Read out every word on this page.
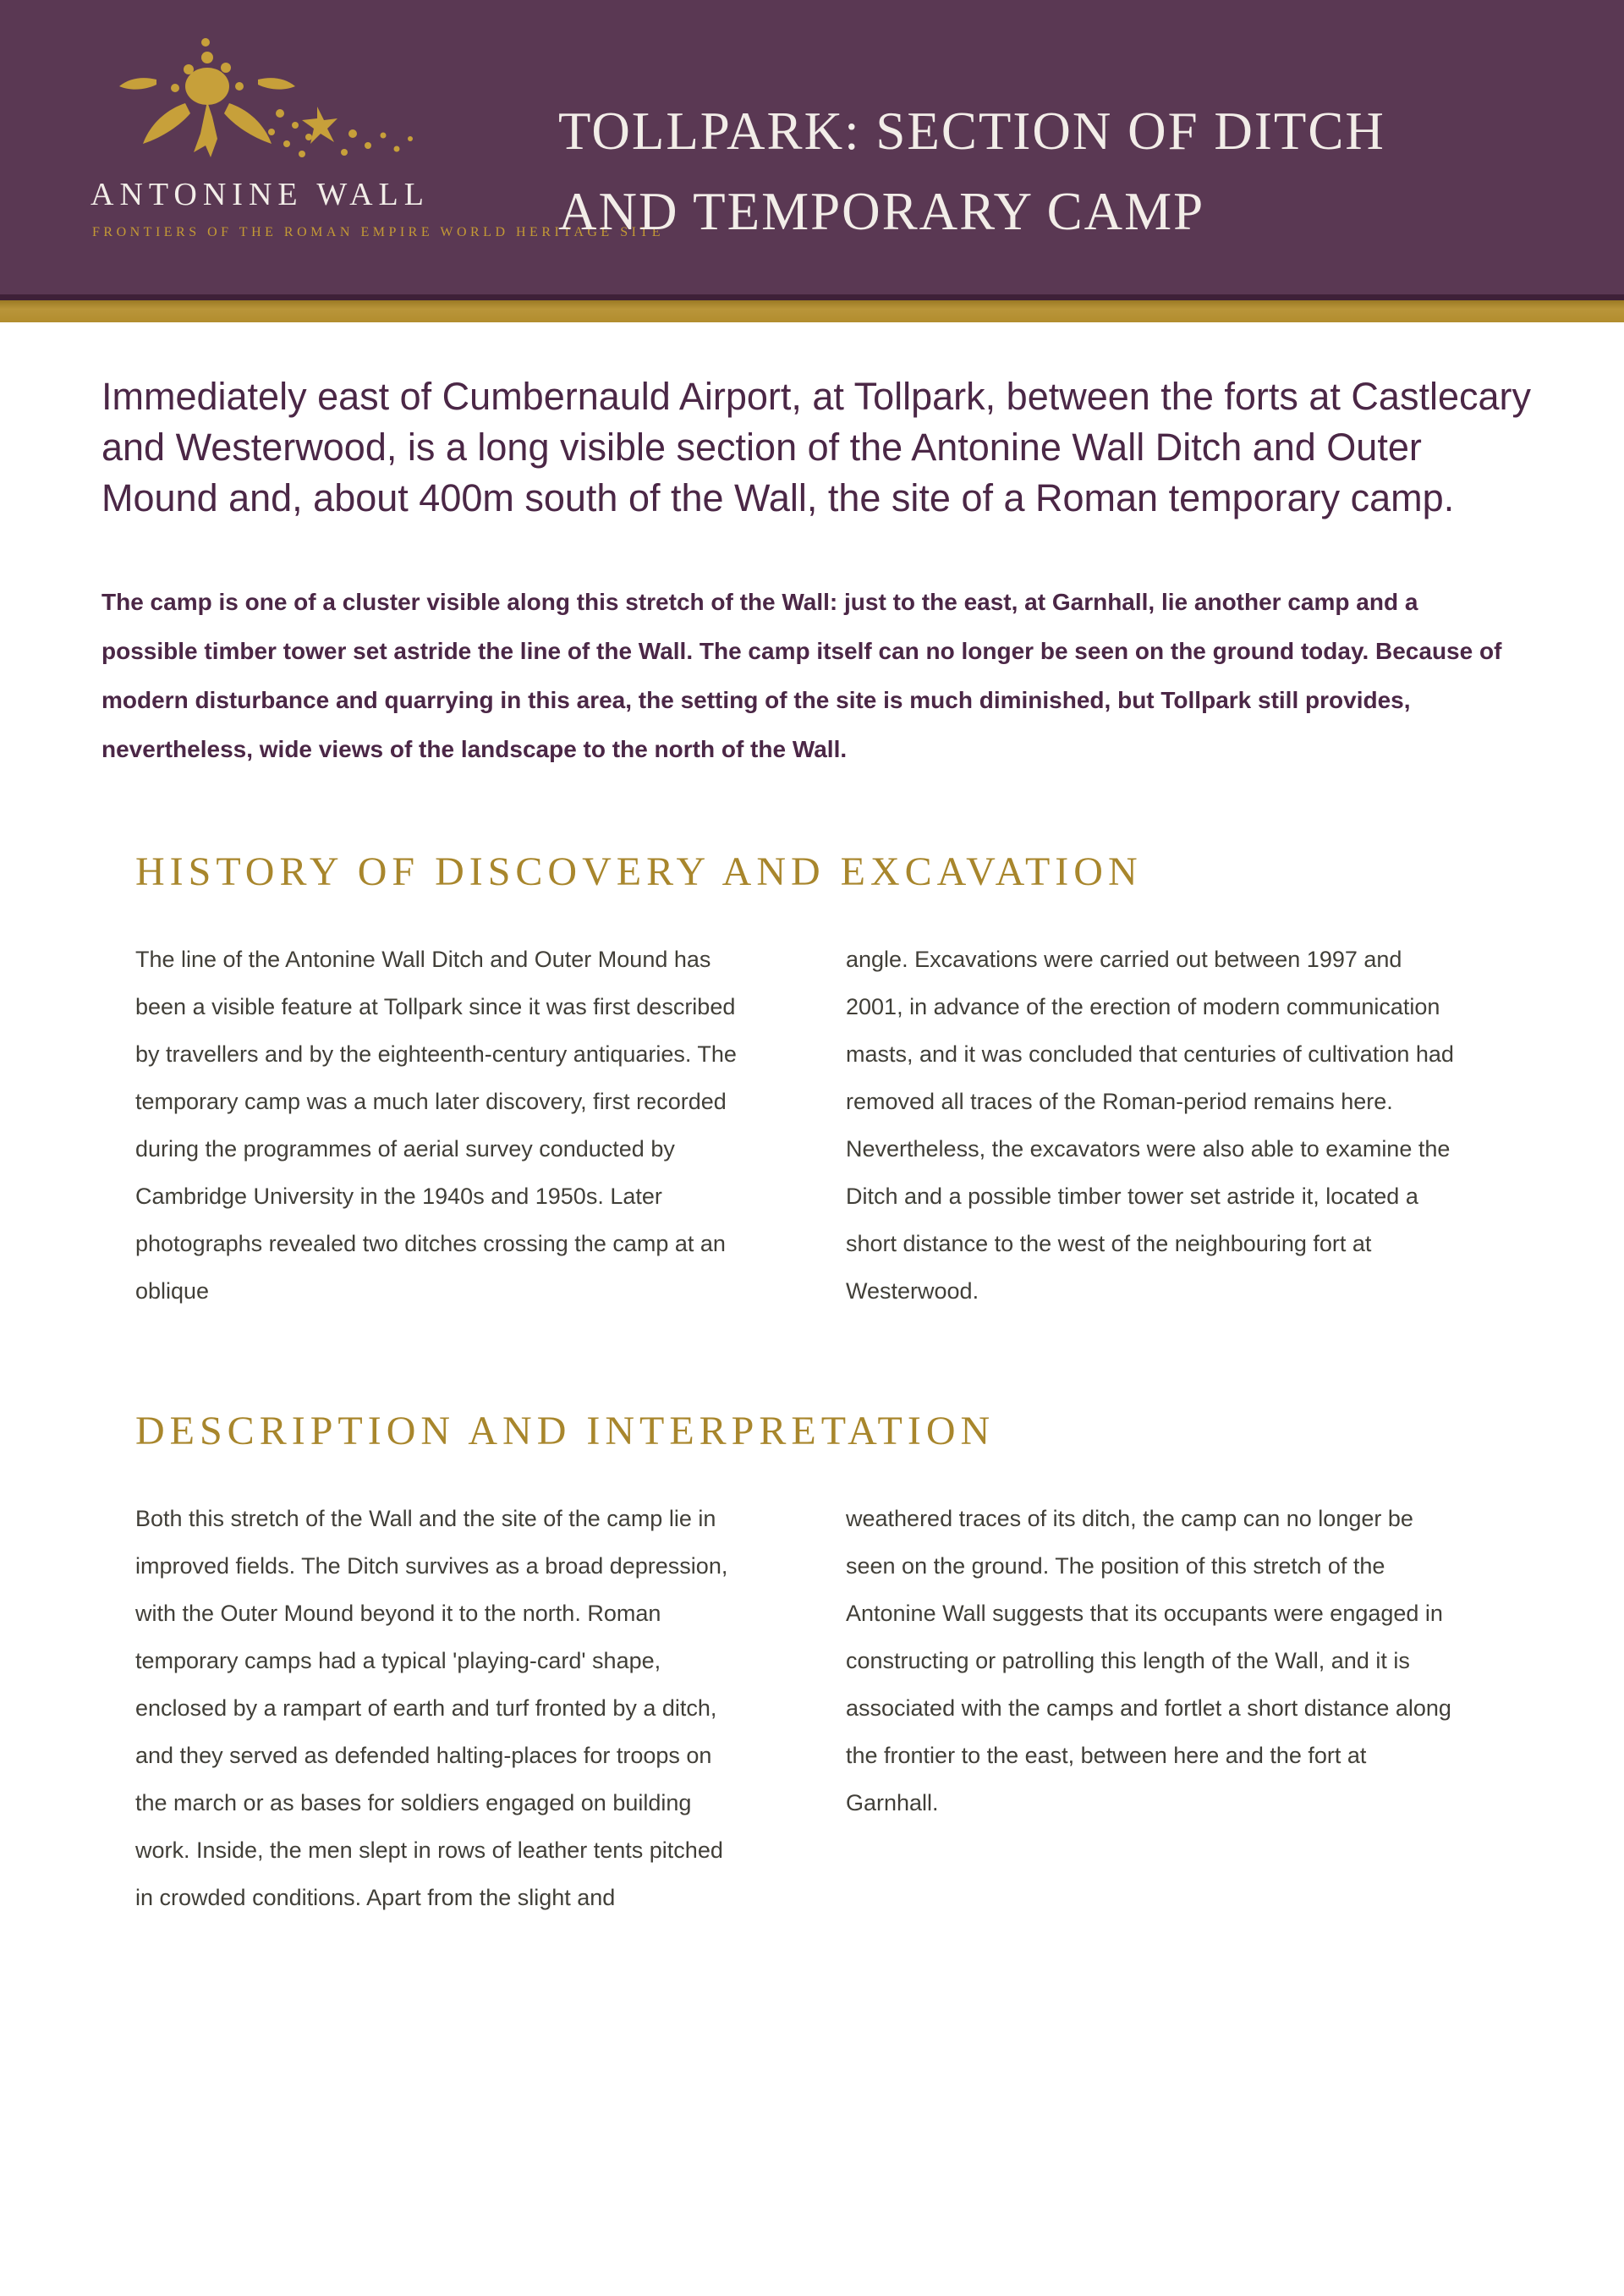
ANTONINE WALL
FRONTIERS OF THE ROMAN EMPIRE WORLD HERITAGE SITE
TOLLPARK: SECTION OF DITCH
AND TEMPORARY CAMP

Immediately east of Cumbernauld Airport, at Tollpark, between the forts at Castlecary and Westerwood, is a long visible section of the Antonine Wall Ditch and Outer Mound and, about 400m south of the Wall, the site of a Roman temporary camp.

The camp is one of a cluster visible along this stretch of the Wall: just to the east, at Garnhall, lie another camp and a possible timber tower set astride the line of the Wall. The camp itself can no longer be seen on the ground today. Because of modern disturbance and quarrying in this area, the setting of the site is much diminished, but Tollpark still provides, nevertheless, wide views of the landscape to the north of the Wall.

HISTORY OF DISCOVERY AND EXCAVATION

The line of the Antonine Wall Ditch and Outer Mound has been a visible feature at Tollpark since it was first described by travellers and by the eighteenth-century antiquaries. The temporary camp was a much later discovery, first recorded during the programmes of aerial survey conducted by Cambridge University in the 1940s and 1950s. Later photographs revealed two ditches crossing the camp at an oblique

angle. Excavations were carried out between 1997 and 2001, in advance of the erection of modern communication masts, and it was concluded that centuries of cultivation had removed all traces of the Roman-period remains here. Nevertheless, the excavators were also able to examine the Ditch and a possible timber tower set astride it, located a short distance to the west of the neighbouring fort at Westerwood.

DESCRIPTION AND INTERPRETATION

Both this stretch of the Wall and the site of the camp lie in improved fields. The Ditch survives as a broad depression, with the Outer Mound beyond it to the north. Roman temporary camps had a typical 'playing-card' shape, enclosed by a rampart of earth and turf fronted by a ditch, and they served as defended halting-places for troops on the march or as bases for soldiers engaged on building work. Inside, the men slept in rows of leather tents pitched in crowded conditions. Apart from the slight and

weathered traces of its ditch, the camp can no longer be seen on the ground. The position of this stretch of the Antonine Wall suggests that its occupants were engaged in constructing or patrolling this length of the Wall, and it is associated with the camps and fortlet a short distance along the frontier to the east, between here and the fort at Garnhall.
